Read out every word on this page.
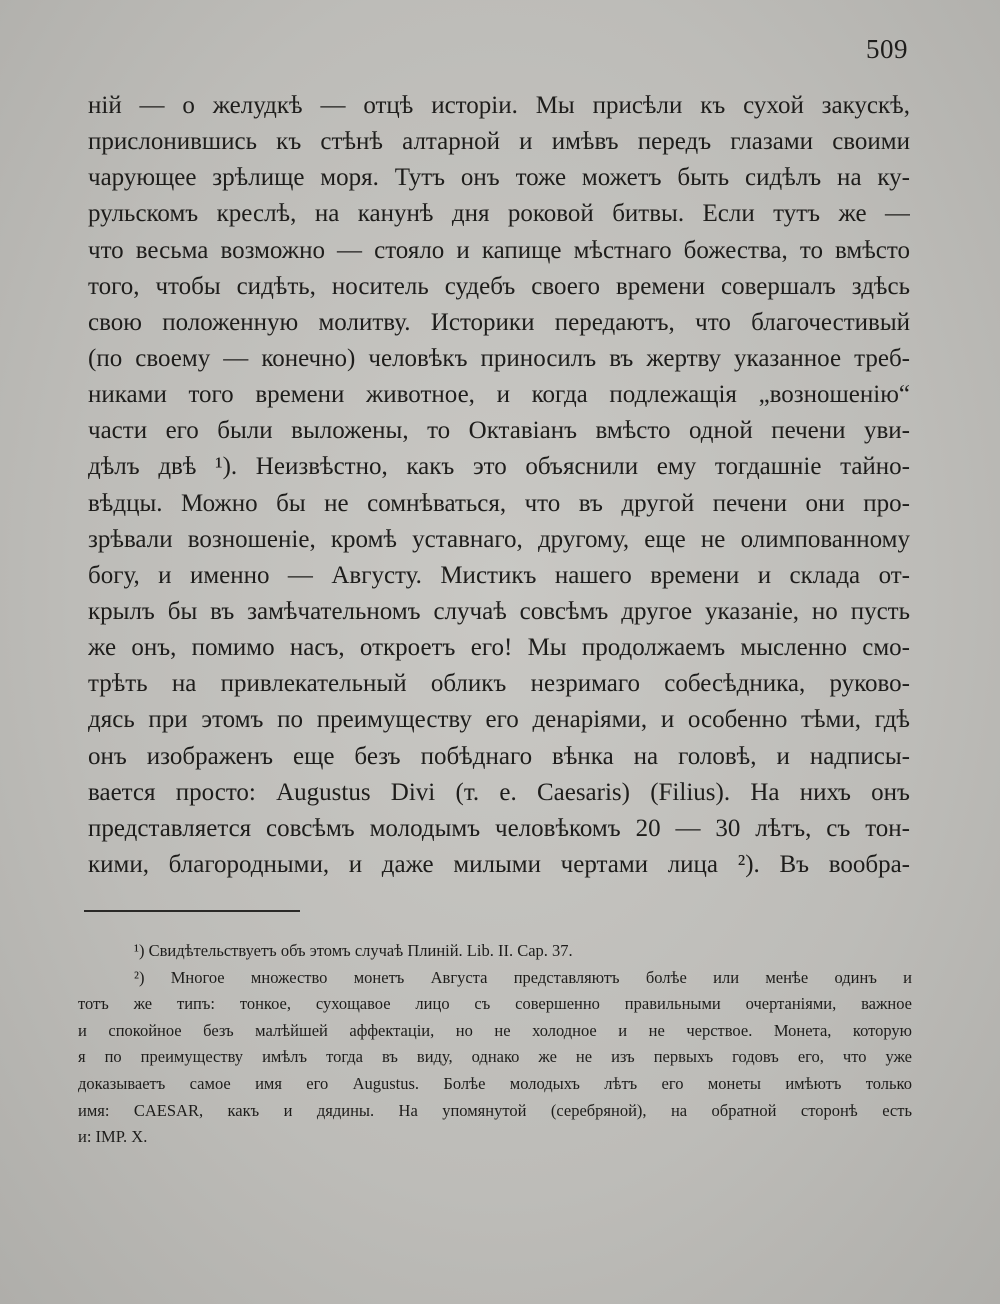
509
ній — о желудкѣ — отцѣ исторіи. Мы присѣли къ сухой закускѣ,
прислонившись къ стѣнѣ алтарной и имѣвъ передъ глазами своими
чарующее зрѣлище моря. Тутъ онъ тоже можетъ быть сидѣлъ на ку-
рульскомъ креслѣ, на канунѣ дня роковой битвы. Если тутъ же —
что весьма возможно — стояло и капище мѣстнаго божества, то вмѣсто
того, чтобы сидѣть, носитель судебъ своего времени совершалъ здѣсь
свою положенную молитву. Историки передаютъ, что благочестивый
(по своему — конечно) человѣкъ приносилъ въ жертву указанное треб-
никами того времени животное, и когда подлежащія „возношенію“
части его были выложены, то Октавіанъ вмѣсто одной печени уви-
дѣлъ двѣ ¹). Неизвѣстно, какъ это объяснили ему тогдашніе тайно-
вѣдцы. Можно бы не сомнѣваться, что въ другой печени они про-
зрѣвали возношеніе, кромѣ уставнаго, другому, еще не олимпованному
богу, и именно — Августу. Мистикъ нашего времени и склада от-
крылъ бы въ замѣчательномъ случаѣ совсѣмъ другое указаніе, но пусть
же онъ, помимо насъ, откроетъ его! Мы продолжаемъ мысленно смо-
трѣть на привлекательный обликъ незримаго собесѣдника, руково-
дясь при этомъ по преимуществу его денаріями, и особенно тѣми, гдѣ
онъ изображенъ еще безъ побѣднаго вѣнка на головѣ, и надписы-
вается просто: Augustus Divi (т. е. Caesaris) (Filius). На нихъ онъ
представляется совсѣмъ молодымъ человѣкомъ 20 — 30 лѣтъ, съ тон-
кими, благородными, и даже милыми чертами лица ²). Въ вообра-
¹) Свидѣтельствуетъ объ этомъ случаѣ Плиній. Lib. II. Cap. 37.
²) Многое множество монетъ Августа представляютъ болѣе или менѣе одинъ и
тотъ же типъ: тонкое, сухощавое лицо съ совершенно правильными очертаніями, важное
и спокойное безъ малѣйшей аффектаціи, но не холодное и не черствое. Монета, которую
я по преимуществу имѣлъ тогда въ виду, однако же не изъ первыхъ годовъ его, что уже
доказываетъ самое имя его Augustus. Болѣе молодыхъ лѣтъ его монеты имѣютъ только
имя: CAESAR, какъ и дядины. На упомянутой (серебряной), на обратной сторонѣ есть
и: IMP. X.
